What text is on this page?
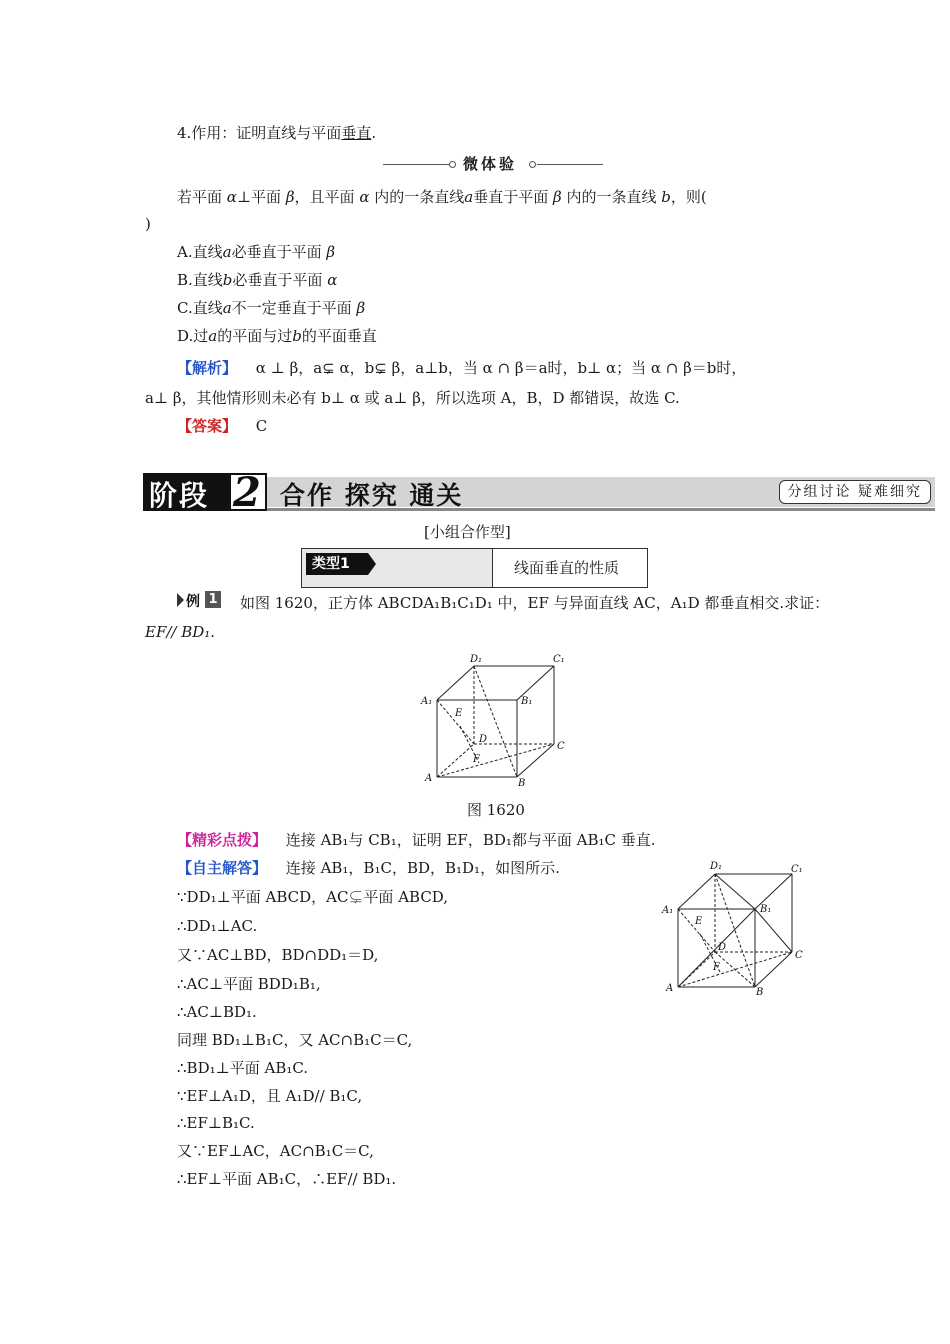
4.作用：证明直线与平面垂直.
微体验
若平面 α⊥平面 β，且平面 α 内的一条直线a垂直于平面 β 内的一条直线 b，则(
)
A.直线a必垂直于平面 β
B.直线b必垂直于平面 α
C.直线a不一定垂直于平面 β
D.过a的平面与过b的平面垂直
【解析】 α ⊥ β，a⊊ α，b⊊ β，a⊥b，当 α ∩ β＝a时，b⊥ α；当 α ∩ β＝b时，
a⊥ β，其他情形则未必有 b⊥ α 或 a⊥ β，所以选项 A，B，D 都错误，故选 C.
【答案】 C
阶段 2 合作 探究 通关	分组讨论 疑难细究
[小组合作型]
类型1	线面垂直的性质
例 1 如图 1620，正方体 ABCDA₁B₁C₁D₁ 中，EF 与异面直线 AC，A₁D 都垂直相交.求证：
EF// BD₁.
D₁	C₁
A₁	B₁
E
D
C
F
A	B
图 1620
【精彩点拨】 连接 AB₁与 CB₁，证明 EF，BD₁都与平面 AB₁C 垂直.
【自主解答】 连接 AB₁，B₁C，BD，B₁D₁，如图所示.
∵DD₁⊥平面 ABCD，AC⊊平面 ABCD,
∴DD₁⊥AC.
又∵AC⊥BD，BD∩DD₁＝D,
∴AC⊥平面 BDD₁B₁,
∴AC⊥BD₁.
同理 BD₁⊥B₁C，又 AC∩B₁C＝C,
∴BD₁⊥平面 AB₁C.
∵EF⊥A₁D，且 A₁D// B₁C,
∴EF⊥B₁C.
又∵EF⊥AC，AC∩B₁C＝C,
∴EF⊥平面 AB₁C，∴EF// BD₁.
D₁	C₁
A₁	B₁
E
D
C
F
A	B
